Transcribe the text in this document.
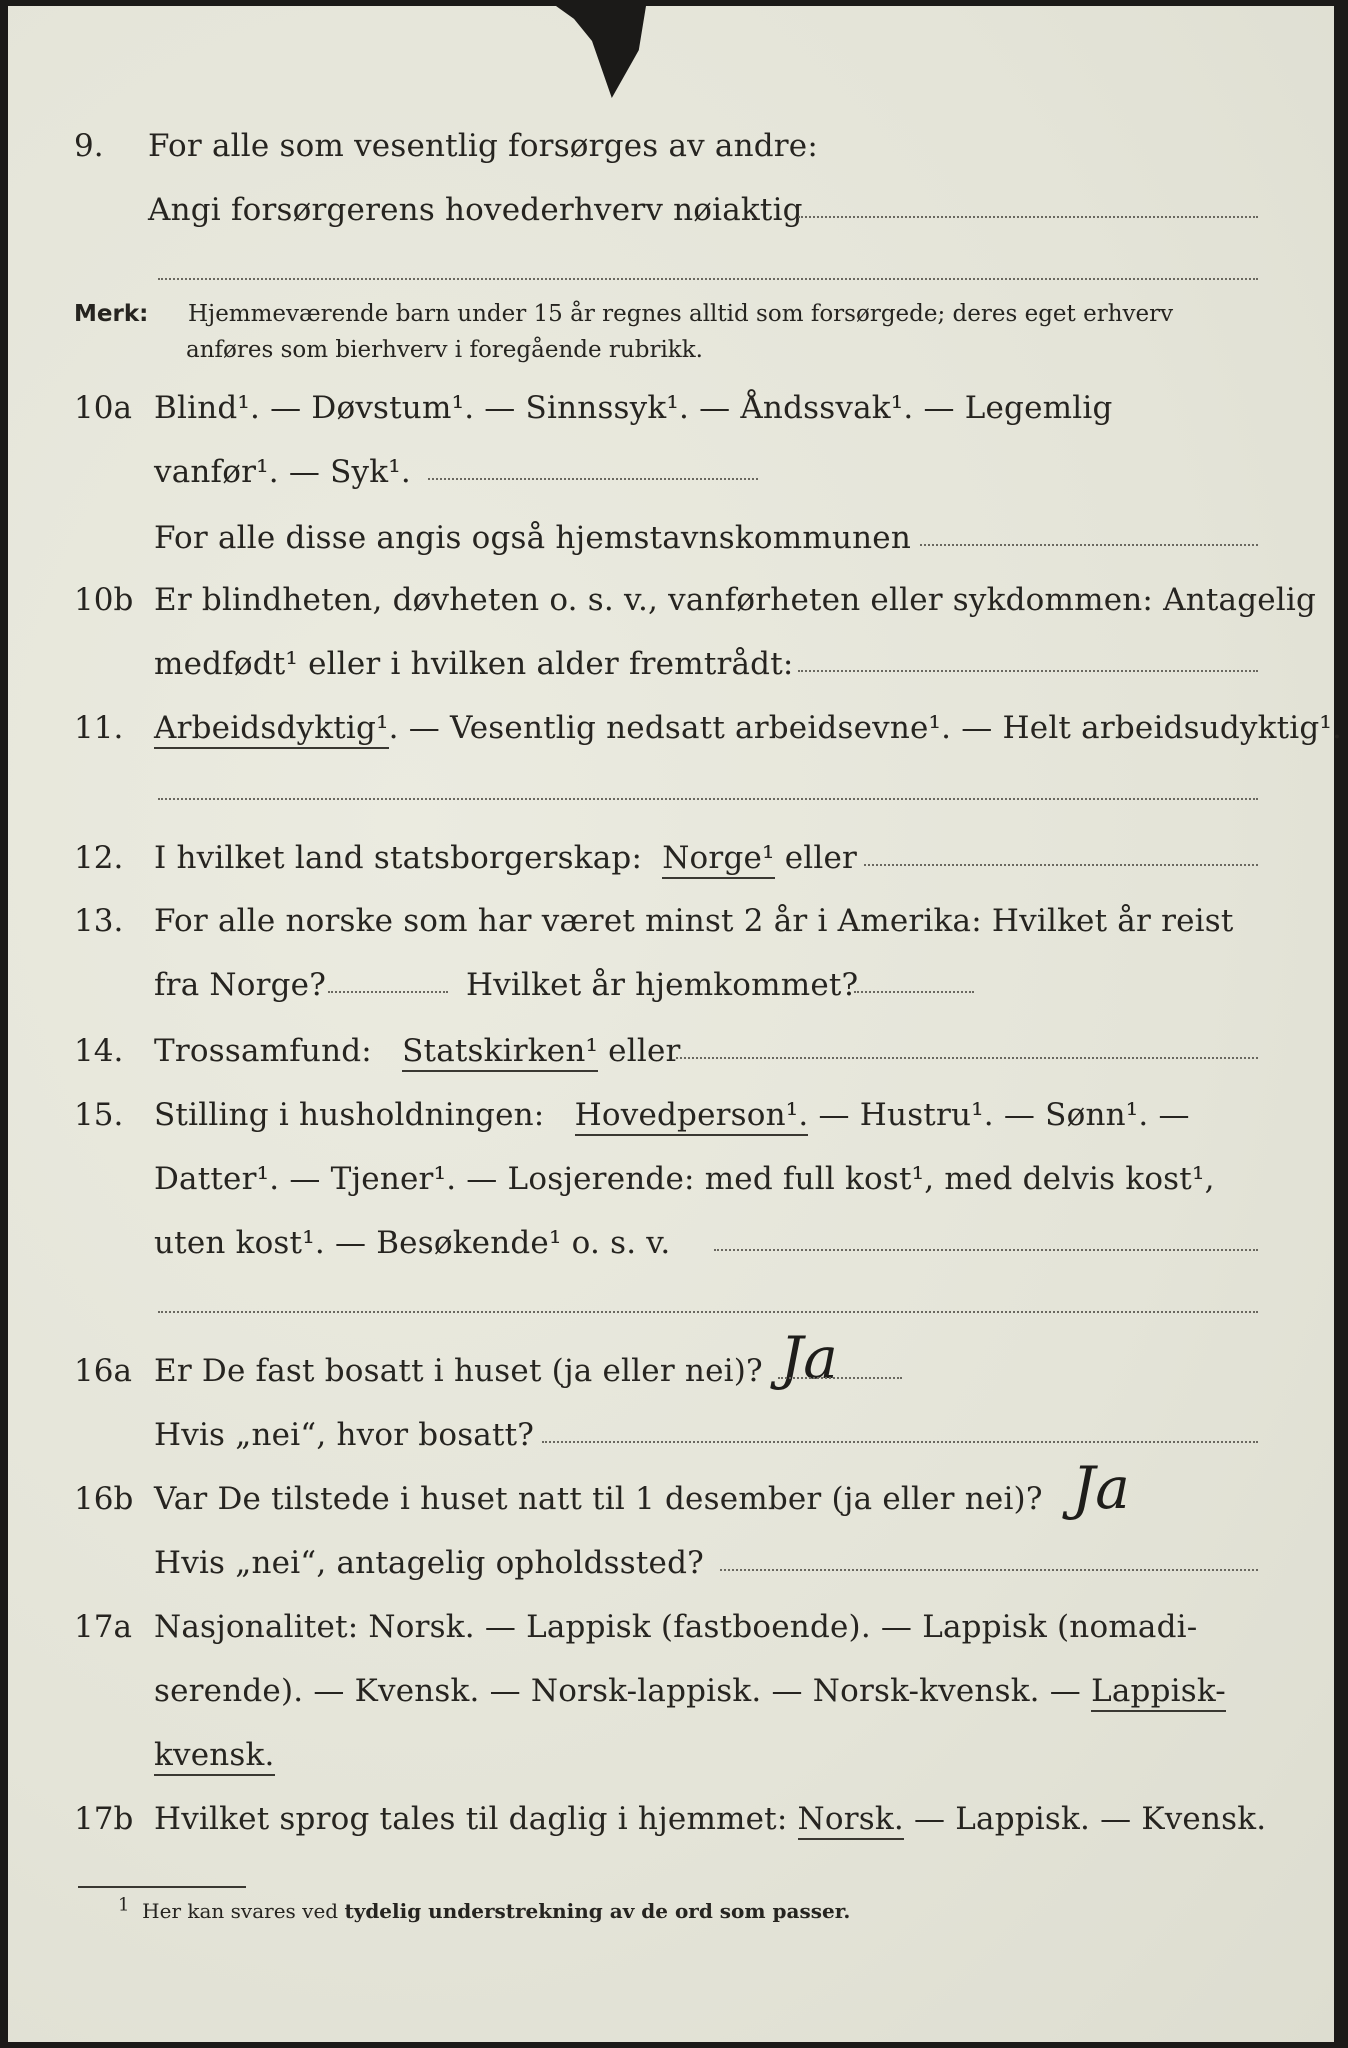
9. For alle som vesentlig forsørges av andre:
Angi forsørgerens hovederhverv nøiaktig
Merk: Hjemmeværende barn under 15 år regnes alltid som forsørgede; deres eget erhverv
anføres som bierhverv i foregående rubrikk.
10a Blind¹. — Døvstum¹. — Sinnssyk¹. — Åndssvak¹. — Legemlig
vanfør¹. — Syk¹.
For alle disse angis også hjemstavnskommunen
10b Er blindheten, døvheten o. s. v., vanførheten eller sykdommen: Antagelig
medfødt¹ eller i hvilken alder fremtrådt:
11. Arbeidsdyktig¹. — Vesentlig nedsatt arbeidsevne¹. — Helt arbeidsudyktig¹.
12. I hvilket land statsborgerskap: Norge¹ eller
13. For alle norske som har været minst 2 år i Amerika: Hvilket år reist
fra Norge?	Hvilket år hjemkommet?
14. Trossamfund: Statskirken¹ eller
15. Stilling i husholdningen: Hovedperson¹. — Hustru¹. — Sønn¹. —
Datter¹. — Tjener¹. — Losjerende: med full kost¹, med delvis kost¹,
uten kost¹. — Besøkende¹ o. s. v.
16a Er De fast bosatt i huset (ja eller nei)? Ja
Hvis „nei“, hvor bosatt?
16b Var De tilstede i huset natt til 1 desember (ja eller nei)? Ja
Hvis „nei“, antagelig opholdssted?
17a Nasjonalitet: Norsk. — Lappisk (fastboende). — Lappisk (nomadi-
serende). — Kvensk. — Norsk-lappisk. — Norsk-kvensk. — Lappisk-
kvensk.
17b Hvilket sprog tales til daglig i hjemmet: Norsk. — Lappisk. — Kvensk.
1 Her kan svares ved tydelig understrekning av de ord som passer.
